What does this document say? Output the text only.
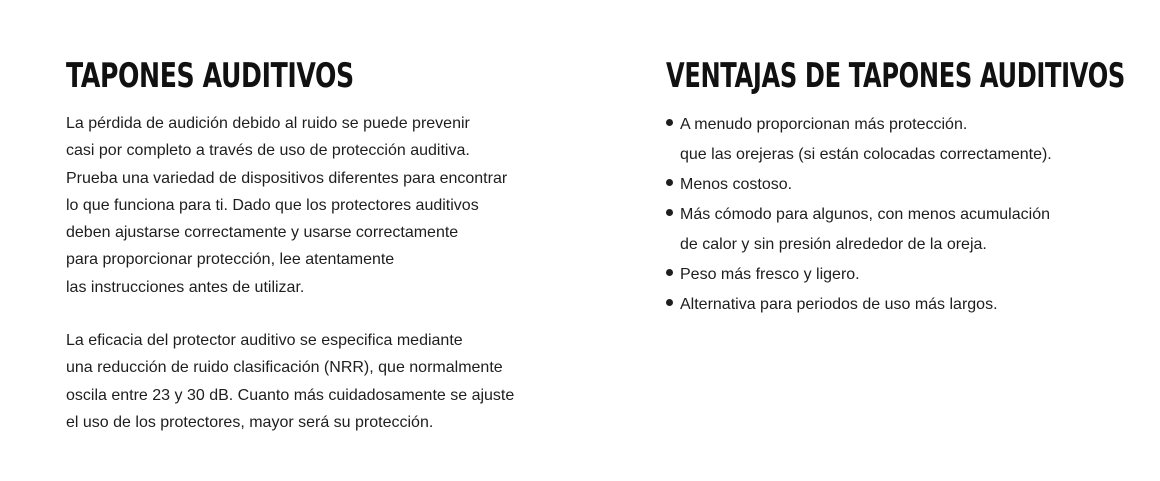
TAPONES AUDITIVOS

La pérdida de audición debido al ruido se puede prevenir
casi por completo a través de uso de protección auditiva.
Prueba una variedad de dispositivos diferentes para encontrar
lo que funciona para ti. Dado que los protectores auditivos
deben ajustarse correctamente y usarse correctamente
para proporcionar protección, lee atentamente
las instrucciones antes de utilizar.

La eficacia del protector auditivo se especifica mediante
una reducción de ruido clasificación (NRR), que normalmente
oscila entre 23 y 30 dB. Cuanto más cuidadosamente se ajuste
el uso de los protectores, mayor será su protección.

VENTAJAS DE TAPONES AUDITIVOS
A menudo proporcionan más protección.
que las orejeras (si están colocadas correctamente).
Menos costoso.
Más cómodo para algunos, con menos acumulación
de calor y sin presión alrededor de la oreja.
Peso más fresco y ligero.
Alternativa para periodos de uso más largos.
